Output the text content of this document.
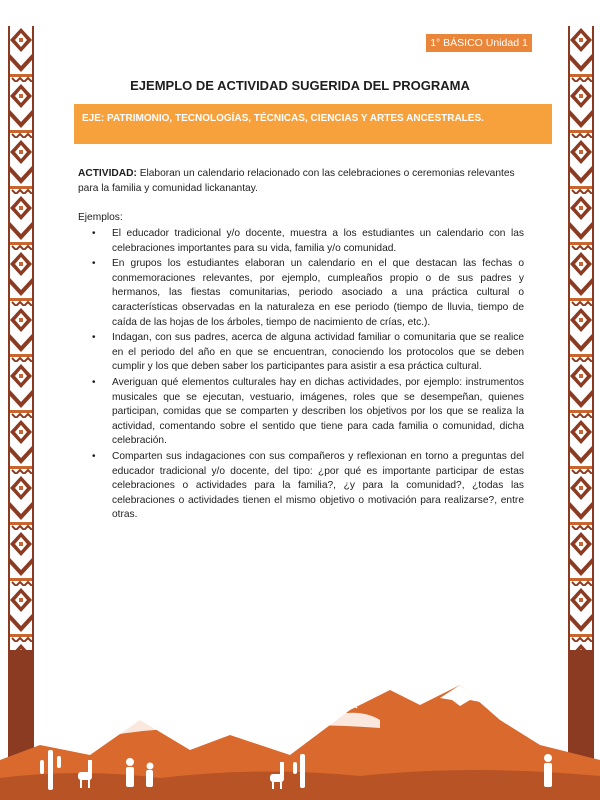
1° BÁSICO Unidad 1
EJEMPLO DE ACTIVIDAD SUGERIDA DEL PROGRAMA
EJE: PATRIMONIO, TECNOLOGÍAS, TÉCNICAS, CIENCIAS Y ARTES ANCESTRALES.

ACTIVIDAD: Elaboran un calendario relacionado con las celebraciones o ceremonias relevantes para la familia y comunidad lickanantay.

Ejemplos:

• El educador tradicional y/o docente, muestra a los estudiantes un calendario con las celebraciones importantes para su vida, familia y/o comunidad.
• En grupos los estudiantes elaboran un calendario en el que destacan las fechas o conmemoraciones relevantes, por ejemplo, cumpleaños propio o de sus padres y hermanos, las fiestas comunitarias, periodo asociado a una práctica cultural o características observadas en la naturaleza en ese periodo (tiempo de lluvia, tiempo de caída de las hojas de los árboles, tiempo de nacimiento de crías, etc.).
• Indagan, con sus padres, acerca de alguna actividad familiar o comunitaria que se realice en el periodo del año en que se encuentran, conociendo los protocolos que se deben cumplir y los que deben saber los participantes para asistir a esa práctica cultural.
• Averiguan qué elementos culturales hay en dichas actividades, por ejemplo: instrumentos musicales que se ejecutan, vestuario, imágenes, roles que se desempeñan, quienes participan, comidas que se comparten y describen los objetivos por los que se realiza la actividad, comentando sobre el sentido que tiene para cada familia o comunidad, dicha celebración.
• Comparten sus indagaciones con sus compañeros y reflexionan en torno a preguntas del educador tradicional y/o docente, del tipo: ¿por qué es importante participar de estas celebraciones o actividades para la familia?, ¿y para la comunidad?, ¿todas las celebraciones o actividades tienen el mismo objetivo o motivación para realizarse?, entre otras.
